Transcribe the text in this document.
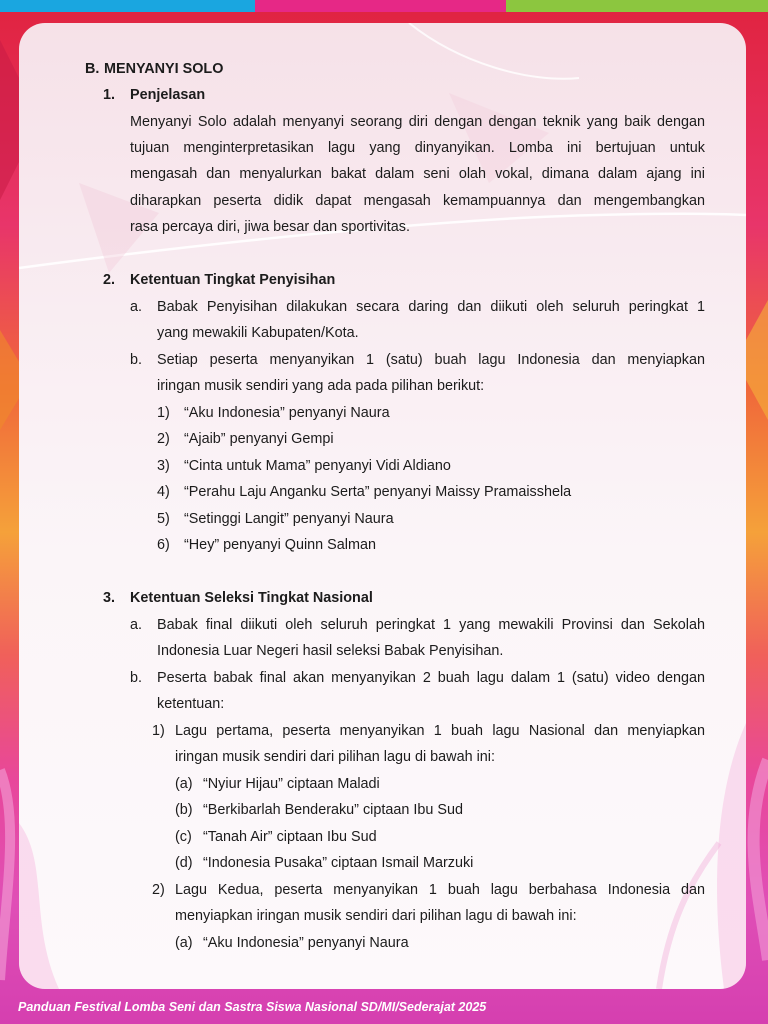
B. MENYANYI SOLO
1. Penjelasan
Menyanyi Solo adalah menyanyi seorang diri dengan dengan teknik yang baik dengan
tujuan menginterpretasikan lagu yang dinyanyikan. Lomba ini bertujuan untuk
mengasah dan menyalurkan bakat dalam seni olah vokal, dimana dalam ajang ini
diharapkan peserta didik dapat mengasah kemampuannya dan mengembangkan
rasa percaya diri, jiwa besar dan sportivitas.
2. Ketentuan Tingkat Penyisihan
a. Babak Penyisihan dilakukan secara daring dan diikuti oleh seluruh peringkat 1
yang mewakili Kabupaten/Kota.
b. Setiap peserta menyanyikan 1 (satu) buah lagu Indonesia dan menyiapkan
iringan musik sendiri yang ada pada pilihan berikut:
1) “Aku Indonesia” penyanyi Naura
2) “Ajaib” penyanyi Gempi
3) “Cinta untuk Mama” penyanyi Vidi Aldiano
4) “Perahu Laju Anganku Serta” penyanyi Maissy Pramaisshela
5) “Setinggi Langit” penyanyi Naura
6) “Hey” penyanyi Quinn Salman
3. Ketentuan Seleksi Tingkat Nasional
a. Babak final diikuti oleh seluruh peringkat 1 yang mewakili Provinsi dan Sekolah
Indonesia Luar Negeri hasil seleksi Babak Penyisihan.
b. Peserta babak final akan menyanyikan 2 buah lagu dalam 1 (satu) video dengan
ketentuan:
1) Lagu pertama, peserta menyanyikan 1 buah lagu Nasional dan menyiapkan
iringan musik sendiri dari pilihan lagu di bawah ini:
(a) “Nyiur Hijau” ciptaan Maladi
(b) “Berkibarlah Benderaku” ciptaan Ibu Sud
(c) “Tanah Air” ciptaan Ibu Sud
(d) “Indonesia Pusaka” ciptaan Ismail Marzuki
2) Lagu Kedua, peserta menyanyikan 1 buah lagu berbahasa Indonesia dan
menyiapkan iringan musik sendiri dari pilihan lagu di bawah ini:
(a) “Aku Indonesia” penyanyi Naura
Panduan Festival Lomba Seni dan Sastra Siswa Nasional SD/MI/Sederajat 2025
